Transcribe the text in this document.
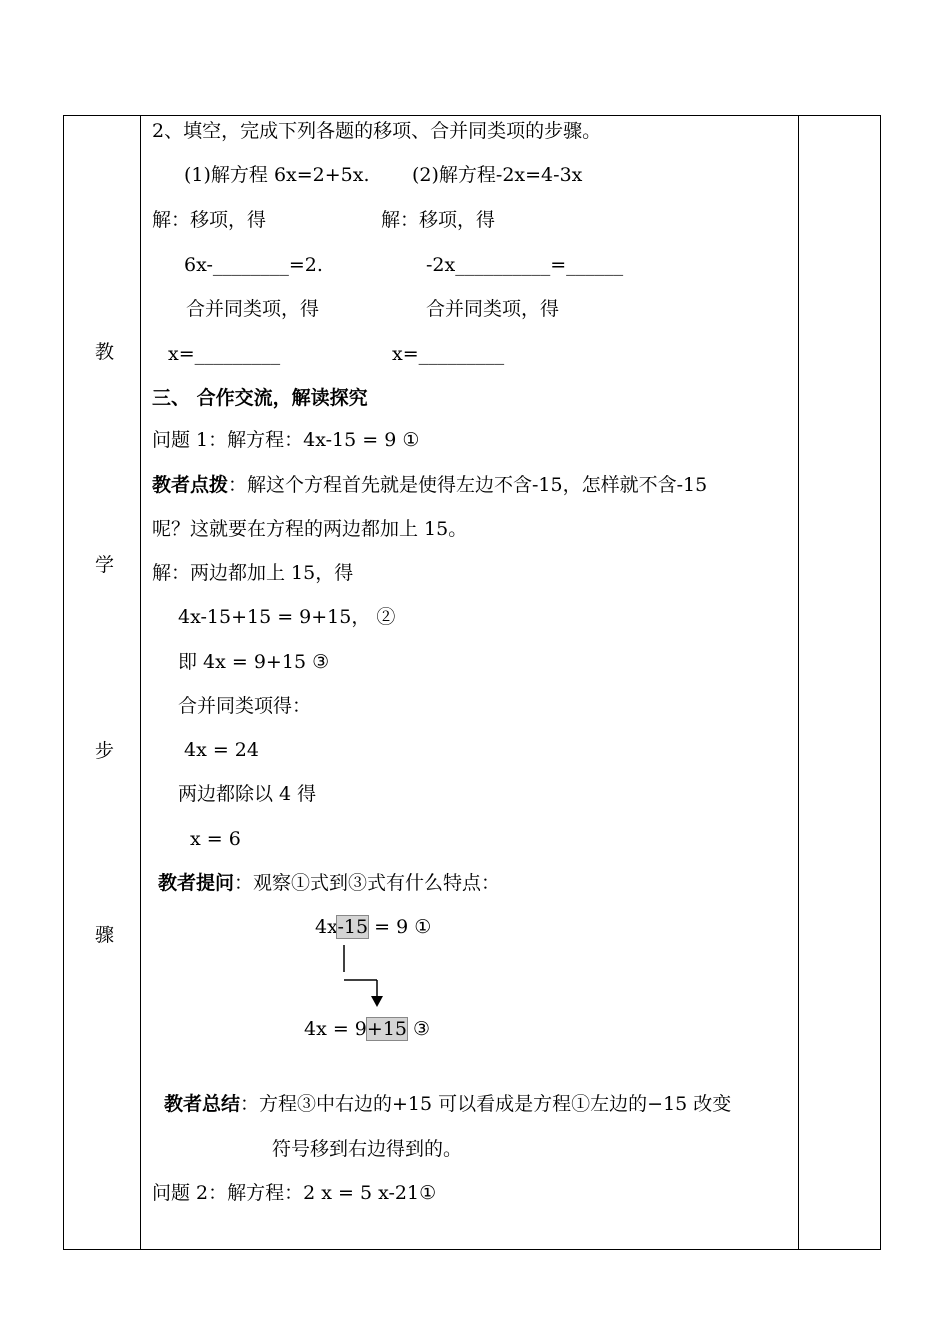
教
学
步
骤
2、填空，完成下列各题的移项、合并同类项的步骤。
(1)解方程 6x=2+5x. (2)解方程-2x=4-3x
解：移项，得	解：移项，得
6x-________=2.	-2x__________=______
合并同类项，得	合并同类项，得
x=_________	x=_________
三、 合作交流，解读探究
问题 1：解方程：4x-15 = 9 ①
教者点拨：解这个方程首先就是使得左边不含-15，怎样就不含-15
呢？这就要在方程的两边都加上 15。
解：两边都加上 15，得
4x-15+15 = 9+15， ②
即 4x = 9+15 ③
合并同类项得：
4x = 24
两边都除以 4 得
x = 6
教者提问：观察①式到③式有什么特点：
4x-15 = 9 ①
4x = 9+15 ③
教者总结：方程③中右边的+15 可以看成是方程①左边的−15 改变
符号移到右边得到的。
问题 2：解方程：2 x = 5 x-21①
